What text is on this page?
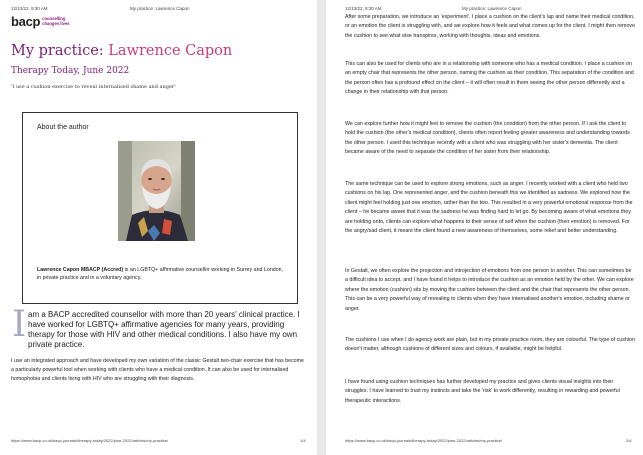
12/13/22, 9:30 AM	My practice: Lawrence Capon
bacp counselling
changes lives
My practice: Lawrence Capon
Therapy Today, June 2022
'I use a cushion exercise to reveal internalised shame and anger'
About the author
Lawrence Capon MBACP (Accred) is an LGBTQ+ affirmative counsellor working in Surrey and London, in private practice and in a voluntary agency.
I am a BACP accredited counsellor with more than 20 years' clinical practice. I have worked for LGBTQ+ affirmative agencies for many years, providing therapy for those with HIV and other medical conditions. I also have my own private practice.
I use an integrated approach and have developed my own variation of the classic Gestalt two-chair exercise that has become a particularly powerful tool when working with clients who have a medical condition. It can also be used for internalised homophobia and clients living with HIV who are struggling with their diagnosis.
https://www.bacp.co.uk/bacp-journals/therapy-today/2022/june-2022/articles/my-practice/	1/4
12/13/22, 9:30 AM	My practice: Lawrence Capon

After some preparation, we introduce an 'experiment'. I place a cushion on the client's lap and name their medical condition, or an emotion the client is struggling with, and we explore how it feels and what comes up for the client. I might then remove the cushion to see what else transpires, working with thoughts, ideas and emotions.

This can also be used for clients who are in a relationship with someone who has a medical condition. I place a cushion on an empty chair that represents the other person, naming the cushion as their condition. This separation of the condition and the person often has a profound effect on the client – it will often result in them seeing the other person differently and a change in their relationship with that person.

We can explore further how it might feel to remove the cushion (the condition) from the other person. If I ask the client to hold the cushion (the other's medical condition), clients often report feeling greater awareness and understanding towards the other person. I used this technique recently with a client who was struggling with her sister's dementia. The client became aware of the need to separate the condition of her sister from their relationship.

The same technique can be used to explore strong emotions, such as anger. I recently worked with a client who held two cushions on his lap. One represented anger, and the cushion beneath this we identified as sadness. We explored how the client might feel holding just one emotion, rather than the two. This resulted in a very powerful emotional response from the client – he became aware that it was the sadness he was finding hard to let go. By becoming aware of what emotions they are holding onto, clients can explore what happens to their sense of self when the cushion (their emotion) is removed. For the angry/sad client, it meant the client found a new awareness of themselves, some relief and better understanding.

In Gestalt, we often explore the projection and introjection of emotions from one person to another. This can sometimes be a difficult idea to accept, and I have found it helps to introduce the cushion as an emotion held by the other. We can explore where the emotion (cushion) sits by moving the cushion between the client and the chair that represents the other person. This can be a very powerful way of revealing to clients when they have internalised another's emotion, including shame or anger.

The cushions I use when I do agency work are plain, but in my private practice room, they are colourful. The type of cushion doesn't matter, although cushions of different sizes and colours, if available, might be helpful.

I have found using cushion techniques has further developed my practice and gives clients visual insights into their struggles. I have learned to trust my instincts and take the 'risk' to work differently, resulting in rewarding and powerful therapeutic interactions.

https://www.bacp.co.uk/bacp-journals/therapy-today/2022/june-2022/articles/my-practice/	2/4
